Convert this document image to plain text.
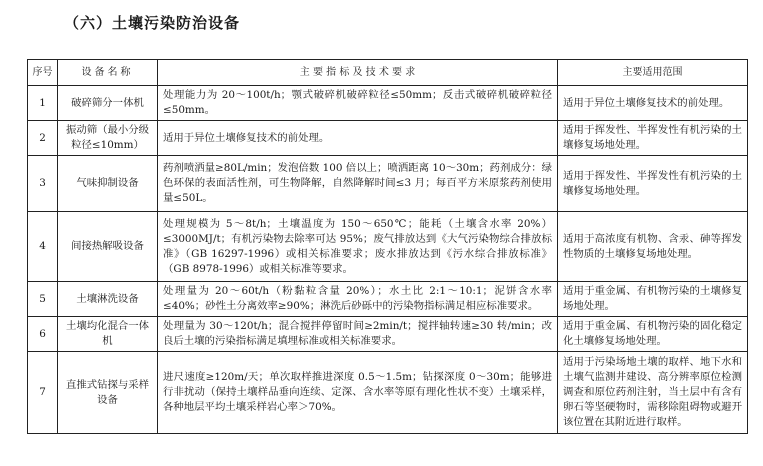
（六）土壤污染防治设备
序号	设备名称	主 要 指 标 及 技 术 要 求	主要适用范围
1	破碎筛分一体机	处理能力为 20～100t/h；颚式破碎机破碎粒径≤50mm；反击式破碎机破碎粒径≤50mm。	适用于异位土壤修复技术的前处理。
2	振动筛（最小分级粒径≤10mm）	适用于异位土壤修复技术的前处理。	适用于挥发性、半挥发性有机污染的土壤修复场地处理。
3	气味抑制设备	药剂喷洒量≥80L/min；发泡倍数 100 倍以上；喷洒距离 10～30m；药剂成分：绿色环保的表面活性剂，可生物降解，自然降解时间≤3 月；每百平方米原浆药剂使用量≤50L。	适用于挥发性、半挥发性有机污染的土壤修复场地处理。
4	间接热解吸设备	处理规模为 5～8t/h；土壤温度为 150～650℃；能耗（土壤含水率 20%）≤3000MJ/t；有机污染物去除率可达 95%；废气排放达到《大气污染物综合排放标准》（GB 16297-1996）或相关标准要求；废水排放达到《污水综合排放标准》（GB 8978-1996）或相关标准等要求。	适用于高浓度有机物、含汞、砷等挥发性物质的土壤修复场地处理。
5	土壤淋洗设备	处理量为 20～60t/h（粉黏粒含量 20%）；水土比 2:1～10:1；泥饼含水率≤40%；砂性土分离效率≥90%；淋洗后砂砾中的污染物指标满足相应标准要求。	适用于重金属、有机物污染的土壤修复场地处理。
6	土壤均化混合一体机	处理量为 30～120t/h；混合搅拌停留时间≥2min/t；搅拌轴转速≥30 转/min；改良后土壤的污染指标满足填埋标准或相关标准要求。	适用于重金属、有机物污染的固化稳定化土壤修复场地处理。
7	直推式钻探与采样设备	进尺速度≥120m/天；单次取样推进深度 0.5～1.5m；钻探深度 0～30m；能够进行非扰动（保持土壤样品垂向连续、定深、含水率等原有理化性状不变）土壤采样，各种地层平均土壤采样岩心率＞70%。	适用于污染场地土壤的取样、地下水和土壤气监测井建设、高分辨率原位检测调查和原位药剂注射，当土层中有含有卵石等坚硬物时，需移除阻碍物或避开该位置在其附近进行取样。
